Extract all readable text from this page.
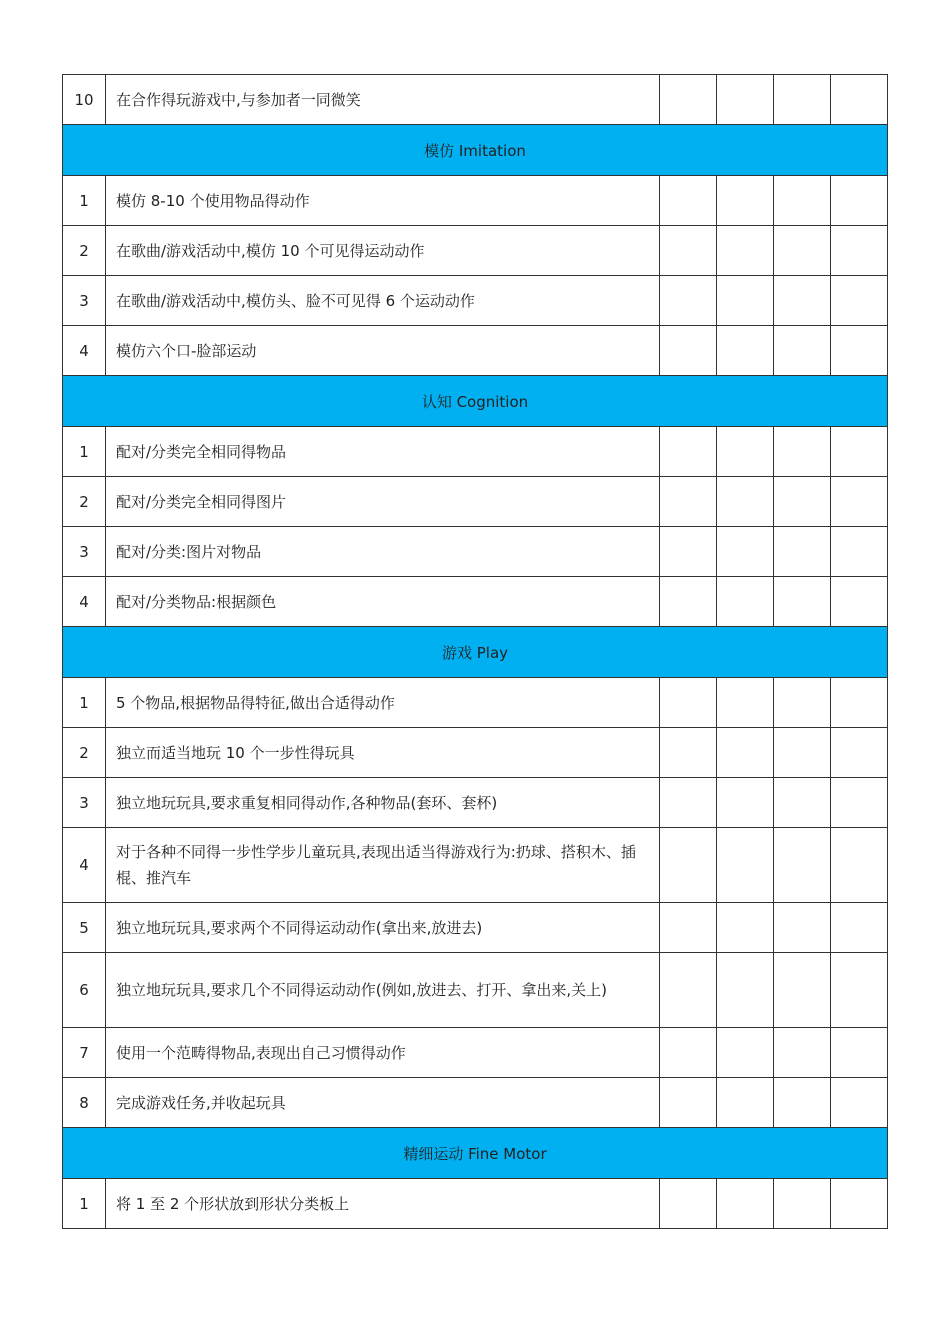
10	在合作得玩游戏中,与参加者一同微笑				
模仿 Imitation					
1	模仿 8-10 个使用物品得动作				
2	在歌曲/游戏活动中,模仿 10 个可见得运动动作				
3	在歌曲/游戏活动中,模仿头、脸不可见得 6 个运动动作				
4	模仿六个口-脸部运动				
认知 Cognition					
1	配对/分类完全相同得物品				
2	配对/分类完全相同得图片				
3	配对/分类:图片对物品				
4	配对/分类物品:根据颜色				
游戏 Play					
1	5 个物品,根据物品得特征,做出合适得动作				
2	独立而适当地玩 10 个一步性得玩具				
3	独立地玩玩具,要求重复相同得动作,各种物品(套环、套杯)				
4	对于各种不同得一步性学步儿童玩具,表现出适当得游戏行为:扔球、搭积木、插棍、推汽车				
5	独立地玩玩具,要求两个不同得运动动作(拿出来,放进去)				
6	独立地玩玩具,要求几个不同得运动动作(例如,放进去、打开、拿出来,关上)				
7	使用一个范畴得物品,表现出自己习惯得动作				
8	完成游戏任务,并收起玩具				
精细运动 Fine Motor					
1	将 1 至 2 个形状放到形状分类板上				
